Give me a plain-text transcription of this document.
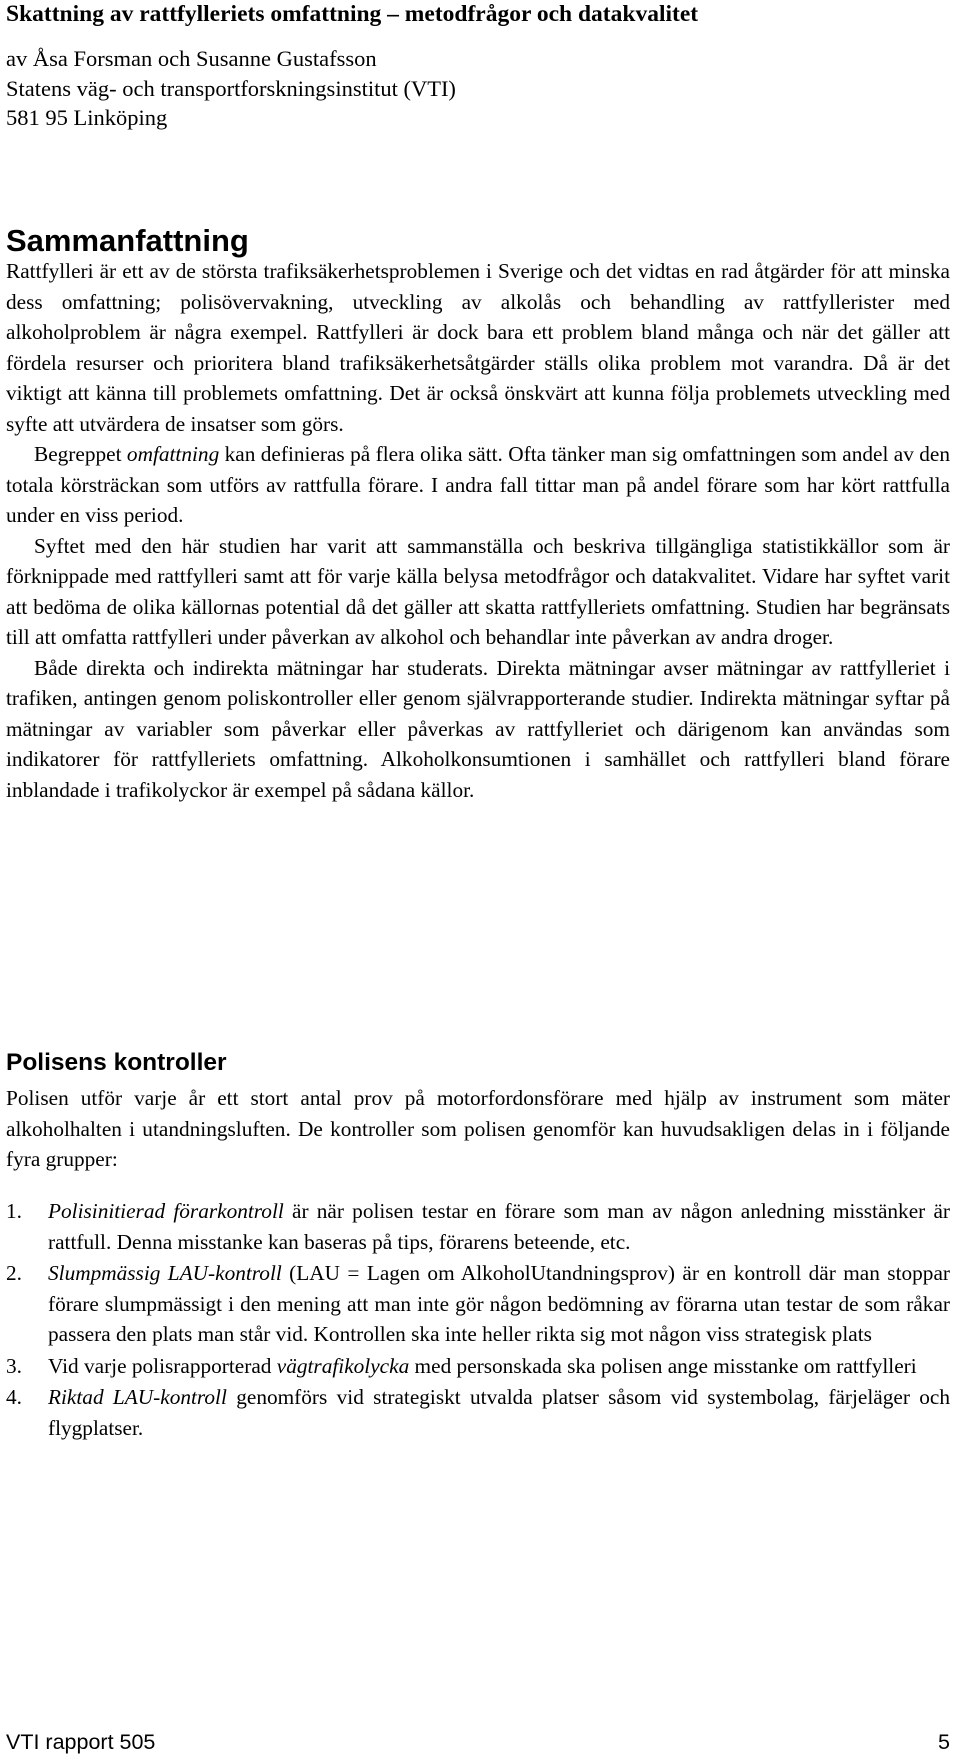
Skattning av rattfylleriets omfattning – metodfrågor och datakvalitet
av Åsa Forsman och Susanne Gustafsson
Statens väg- och transportforskningsinstitut (VTI)
581 95 Linköping
Sammanfattning

Rattfylleri är ett av de största trafiksäkerhetsproblemen i Sverige och det vidtas en rad åtgärder för att minska dess omfattning; polisövervakning, utveckling av alkolås och behandling av rattfyllerister med alkoholproblem är några exempel. Rattfylleri är dock bara ett problem bland många och när det gäller att fördela resurser och prioritera bland trafiksäkerhetsåtgärder ställs olika problem mot varandra. Då är det viktigt att känna till problemets omfattning. Det är också önskvärt att kunna följa problemets utveckling med syfte att utvärdera de insatser som görs.

Begreppet omfattning kan definieras på flera olika sätt. Ofta tänker man sig omfattningen som andel av den totala körsträckan som utförs av rattfulla förare. I andra fall tittar man på andel förare som har kört rattfulla under en viss period.

Syftet med den här studien har varit att sammanställa och beskriva tillgängliga statistikkällor som är förknippade med rattfylleri samt att för varje källa belysa metodfrågor och datakvalitet. Vidare har syftet varit att bedöma de olika källornas potential då det gäller att skatta rattfylleriets omfattning. Studien har begränsats till att omfatta rattfylleri under påverkan av alkohol och behandlar inte påverkan av andra droger.

Både direkta och indirekta mätningar har studerats. Direkta mätningar avser mätningar av rattfylleriet i trafiken, antingen genom poliskontroller eller genom självrapporterande studier. Indirekta mätningar syftar på mätningar av variabler som påverkar eller påverkas av rattfylleriet och därigenom kan användas som indikatorer för rattfylleriets omfattning. Alkoholkonsumtionen i samhället och rattfylleri bland förare inblandade i trafikolyckor är exempel på sådana källor.

Polisens kontroller

Polisen utför varje år ett stort antal prov på motorfordonsförare med hjälp av instrument som mäter alkoholhalten i utandningsluften. De kontroller som polisen genomför kan huvudsakligen delas in i följande fyra grupper:

1. Polisinitierad förarkontroll är när polisen testar en förare som man av någon anledning misstänker är rattfull. Denna misstanke kan baseras på tips, förarens beteende, etc.
2. Slumpmässig LAU-kontroll (LAU = Lagen om AlkoholUtandningsprov) är en kontroll där man stoppar förare slumpmässigt i den mening att man inte gör någon bedömning av förarna utan testar de som råkar passera den plats man står vid. Kontrollen ska inte heller rikta sig mot någon viss strategisk plats
3. Vid varje polisrapporterad vägtrafikolycka med personskada ska polisen ange misstanke om rattfylleri
4. Riktad LAU-kontroll genomförs vid strategiskt utvalda platser såsom vid systembolag, färjeläger och flygplatser.
VTI rapport 505	5
